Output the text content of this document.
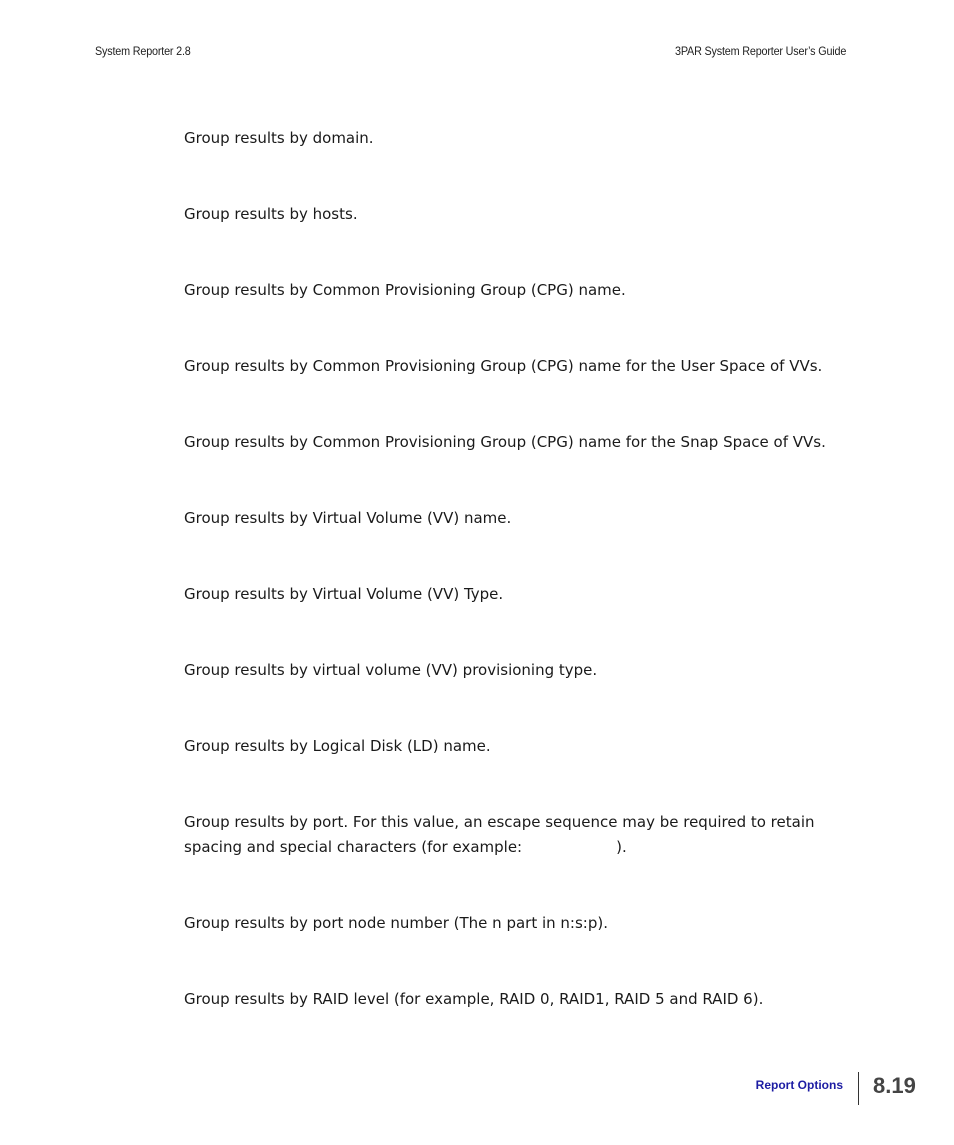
System Reporter 2.8	3PAR System Reporter User’s Guide
Group results by domain.
Group results by hosts.
Group results by Common Provisioning Group (CPG) name.
Group results by Common Provisioning Group (CPG) name for the User Space of VVs.
Group results by Common Provisioning Group (CPG) name for the Snap Space of VVs.
Group results by Virtual Volume (VV) name.
Group results by Virtual Volume (VV) Type.
Group results by virtual volume (VV) provisioning type.
Group results by Logical Disk (LD) name.
Group results by port. For this value, an escape sequence may be required to retain spacing and special characters (for example:	).
Group results by port node number (The n part in n:s:p).
Group results by RAID level (for example, RAID 0, RAID1, RAID 5 and RAID 6).
Report Options 8.19
